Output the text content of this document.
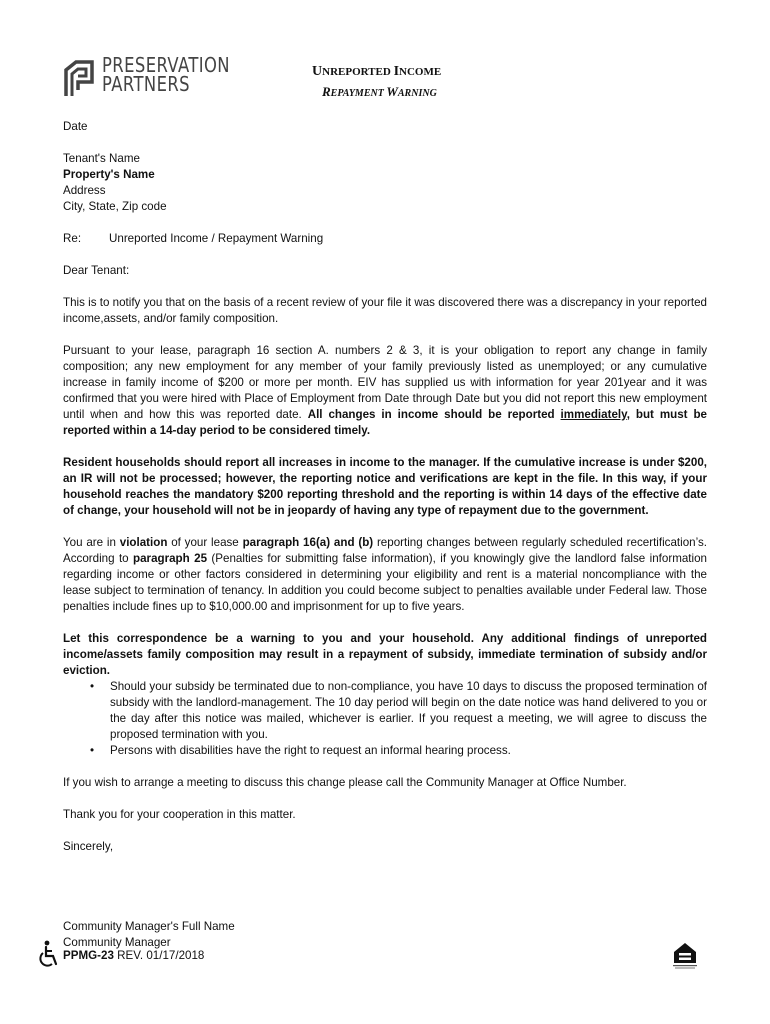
PRESERVATION
PARTNERS
UNREPORTED INCOME
REPAYMENT WARNING

Date

Tenant's Name

Property's Name

Address

City, State, Zip code

Re: Unreported Income / Repayment Warning

Dear Tenant:

This is to notify you that on the basis of a recent review of your file it was discovered there was a discrepancy in your reported income,assets, and/or family composition.

Pursuant to your lease, paragraph 16 section A. numbers 2 & 3, it is your obligation to report any change in family composition; any new employment for any member of your family previously listed as unemployed; or any cumulative increase in family income of $200 or more per month. EIV has supplied us with information for year 201year and it was confirmed that you were hired with Place of Employment from Date through Date but you did not report this new employment until when and how this was reported date. All changes in income should be reported immediately, but must be reported within a 14-day period to be considered timely.

Resident households should report all increases in income to the manager. If the cumulative increase is under $200, an IR will not be processed; however, the reporting notice and verifications are kept in the file. In this way, if your household reaches the mandatory $200 reporting threshold and the reporting is within 14 days of the effective date of change, your household will not be in jeopardy of having any type of repayment due to the government.

You are in violation of your lease paragraph 16(a) and (b) reporting changes between regularly scheduled recertification’s. According to paragraph 25 (Penalties for submitting false information), if you knowingly give the landlord false information regarding income or other factors considered in determining your eligibility and rent is a material noncompliance with the lease subject to termination of tenancy. In addition you could become subject to penalties available under Federal law. Those penalties include fines up to $10,000.00 and imprisonment for up to five years.

Let this correspondence be a warning to you and your household. Any additional findings of unreported income/assets family composition may result in a repayment of subsidy, immediate termination of subsidy and/or eviction.

• Should your subsidy be terminated due to non-compliance, you have 10 days to discuss the proposed termination of subsidy with the landlord-management. The 10 day period will begin on the date notice was hand delivered to you or the day after this notice was mailed, whichever is earlier. If you request a meeting, we will agree to discuss the proposed termination with you.
• Persons with disabilities have the right to request an informal hearing process.

If you wish to arrange a meeting to discuss this change please call the Community Manager at Office Number.

Thank you for your cooperation in this matter.

Sincerely,

Community Manager's Full Name

Community Manager

PPMG-23 REV. 01/17/2018
